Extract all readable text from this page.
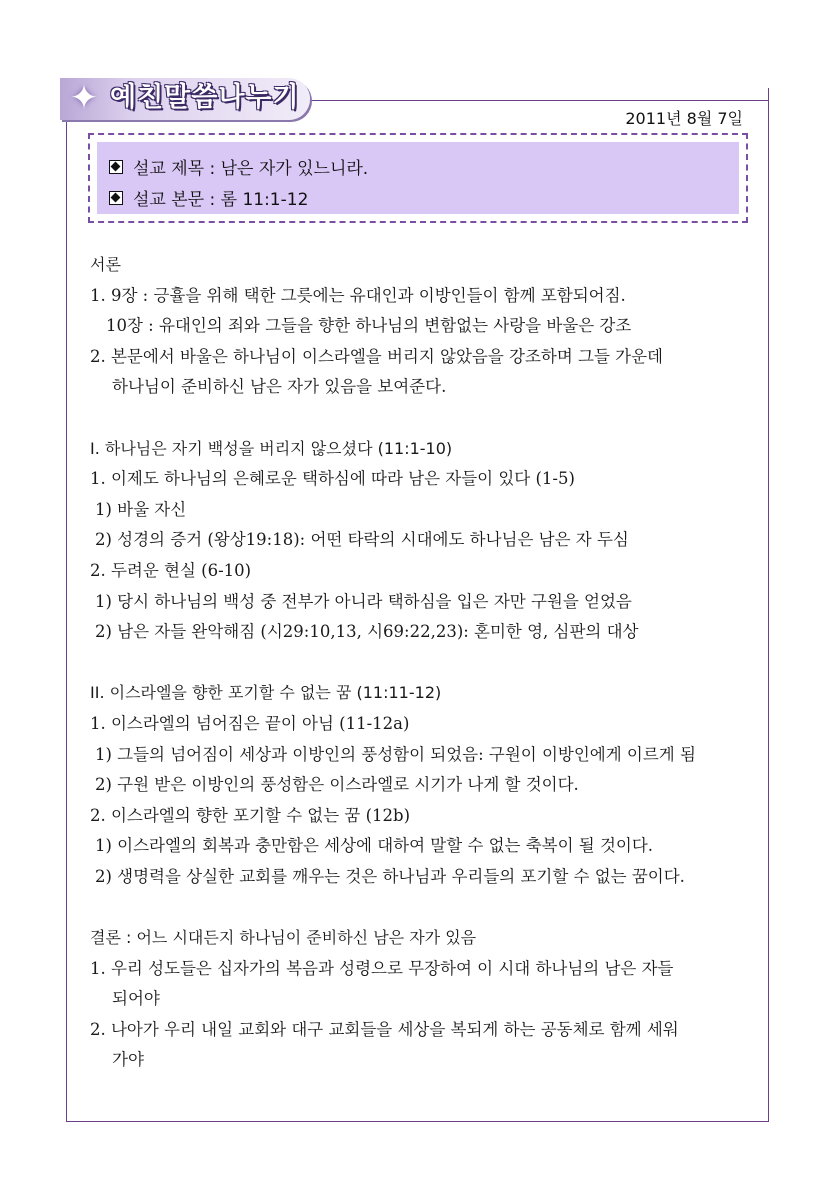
✦ 예친말씀나누기
2011년 8월 7일
설교 제목 : 남은 자가 있느니라.
설교 본문 : 롬 11:1-12
서론
1. 9장 : 긍휼을 위해 택한 그릇에는 유대인과 이방인들이 함께 포함되어짐.
10장 : 유대인의 죄와 그들을 향한 하나님의 변함없는 사랑을 바울은 강조
2. 본문에서 바울은 하나님이 이스라엘을 버리지 않았음을 강조하며 그들 가운데
하나님이 준비하신 남은 자가 있음을 보여준다.
I. 하나님은 자기 백성을 버리지 않으셨다 (11:1-10)
1. 이제도 하나님의 은혜로운 택하심에 따라 남은 자들이 있다 (1-5)
1) 바울 자신
2) 성경의 증거 (왕상19:18): 어떤 타락의 시대에도 하나님은 남은 자 두심
2. 두려운 현실 (6-10)
1) 당시 하나님의 백성 중 전부가 아니라 택하심을 입은 자만 구원을 얻었음
2) 남은 자들 완악해짐 (시29:10,13, 시69:22,23): 혼미한 영, 심판의 대상
II. 이스라엘을 향한 포기할 수 없는 꿈 (11:11-12)
1. 이스라엘의 넘어짐은 끝이 아님 (11-12a)
1) 그들의 넘어짐이 세상과 이방인의 풍성함이 되었음: 구원이 이방인에게 이르게 됨
2) 구원 받은 이방인의 풍성함은 이스라엘로 시기가 나게 할 것이다.
2. 이스라엘의 향한 포기할 수 없는 꿈 (12b)
1) 이스라엘의 회복과 충만함은 세상에 대하여 말할 수 없는 축복이 될 것이다.
2) 생명력을 상실한 교회를 깨우는 것은 하나님과 우리들의 포기할 수 없는 꿈이다.
결론 : 어느 시대든지 하나님이 준비하신 남은 자가 있음
1. 우리 성도들은 십자가의 복음과 성령으로 무장하여 이 시대 하나님의 남은 자들
되어야
2. 나아가 우리 내일 교회와 대구 교회들을 세상을 복되게 하는 공동체로 함께 세워
가야
